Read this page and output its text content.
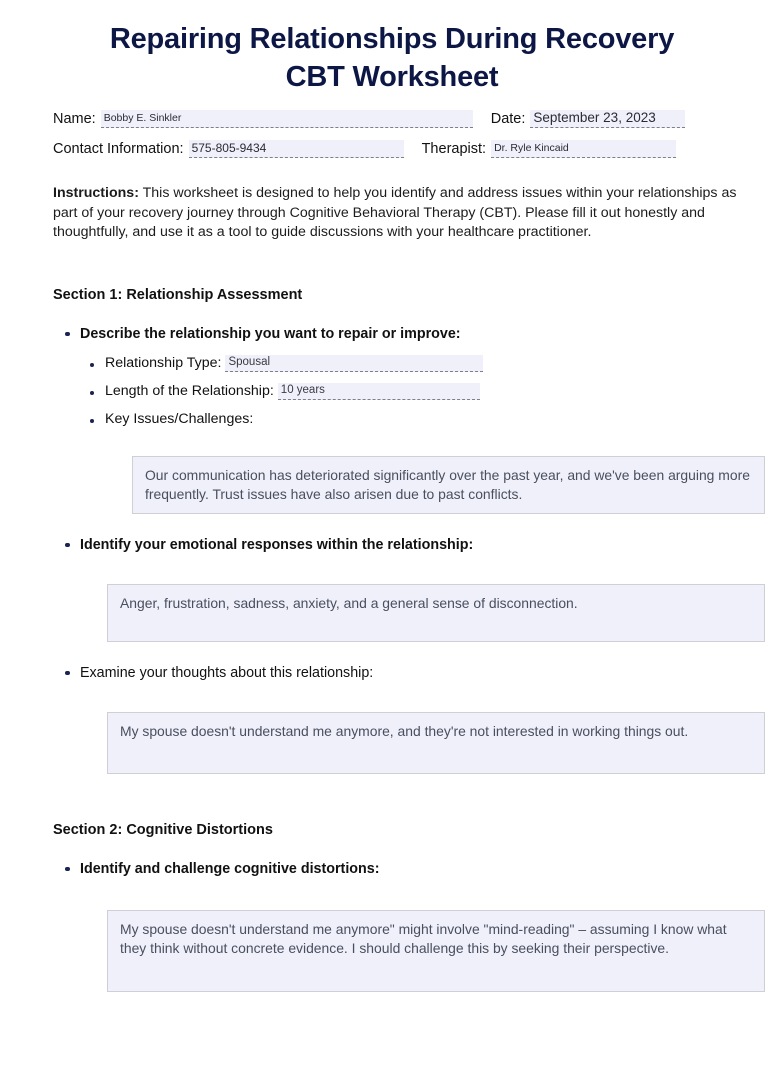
Repairing Relationships During Recovery
CBT Worksheet
Name: Bobby E. Sinkler	Date: September 23, 2023
Contact Information: 575-805-9434	Therapist: Dr. Ryle Kincaid
Instructions: This worksheet is designed to help you identify and address issues within your relationships as part of your recovery journey through Cognitive Behavioral Therapy (CBT). Please fill it out honestly and thoughtfully, and use it as a tool to guide discussions with your healthcare practitioner.
Section 1: Relationship Assessment
Describe the relationship you want to repair or improve:
Relationship Type: Spousal
Length of the Relationship: 10 years
Key Issues/Challenges:
Our communication has deteriorated significantly over the past year, and we've been arguing more frequently. Trust issues have also arisen due to past conflicts.
Identify your emotional responses within the relationship:
Anger, frustration, sadness, anxiety, and a general sense of disconnection.
Examine your thoughts about this relationship:
My spouse doesn't understand me anymore, and they're not interested in working things out.
Section 2: Cognitive Distortions
Identify and challenge cognitive distortions:
My spouse doesn't understand me anymore" might involve "mind-reading" – assuming I know what they think without concrete evidence. I should challenge this by seeking their perspective.
